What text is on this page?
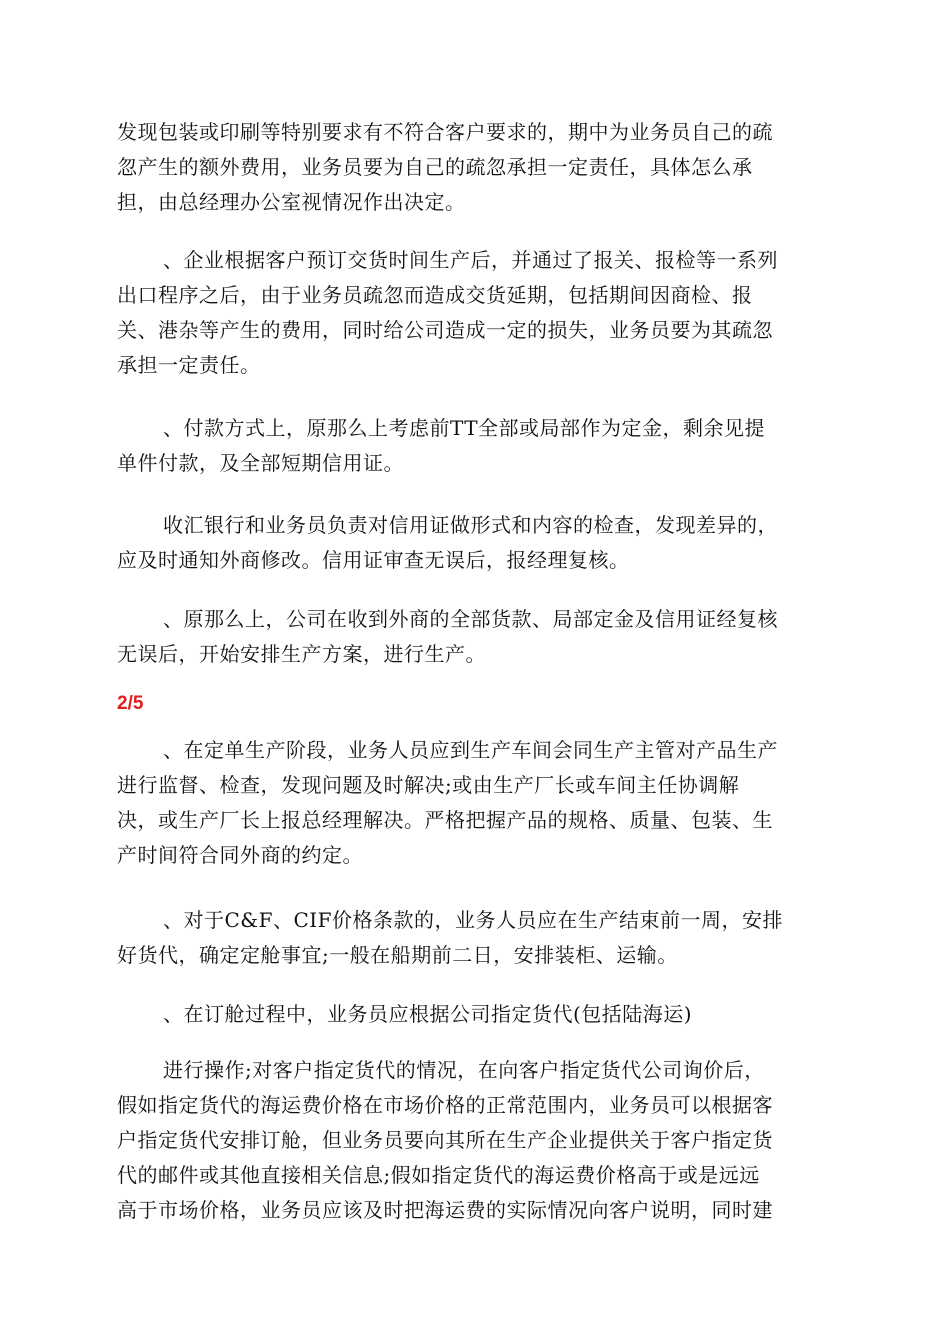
发现包装或印刷等特别要求有不符合客户要求的，期中为业务员自己的疏
忽产生的额外费用，业务员要为自己的疏忽承担一定责任，具体怎么承
担，由总经理办公室视情况作出决定。

、企业根据客户预订交货时间生产后，并通过了报关、报检等一系列
出口程序之后，由于业务员疏忽而造成交货延期，包括期间因商检、报
关、港杂等产生的费用，同时给公司造成一定的损失，业务员要为其疏忽
承担一定责任。

、付款方式上，原那么上考虑前TT全部或局部作为定金，剩余见提
单件付款，及全部短期信用证。

收汇银行和业务员负责对信用证做形式和内容的检查，发现差异的，
应及时通知外商修改。信用证审查无误后，报经理复核。

、原那么上，公司在收到外商的全部货款、局部定金及信用证经复核
无误后，开始安排生产方案，进行生产。

2/5

、在定单生产阶段，业务人员应到生产车间会同生产主管对产品生产
进行监督、检查，发现问题及时解决;或由生产厂长或车间主任协调解
决，或生产厂长上报总经理解决。严格把握产品的规格、质量、包装、生
产时间符合同外商的约定。

、对于C&F、CIF价格条款的，业务人员应在生产结束前一周，安排
好货代，确定定舱事宜;一般在船期前二日，安排装柜、运输。

、在订舱过程中，业务员应根据公司指定货代(包括陆海运)

进行操作;对客户指定货代的情况，在向客户指定货代公司询价后，
假如指定货代的海运费价格在市场价格的正常范围内，业务员可以根据客
户指定货代安排订舱，但业务员要向其所在生产企业提供关于客户指定货
代的邮件或其他直接相关信息;假如指定货代的海运费价格高于或是远远
高于市场价格，业务员应该及时把海运费的实际情况向客户说明，同时建
